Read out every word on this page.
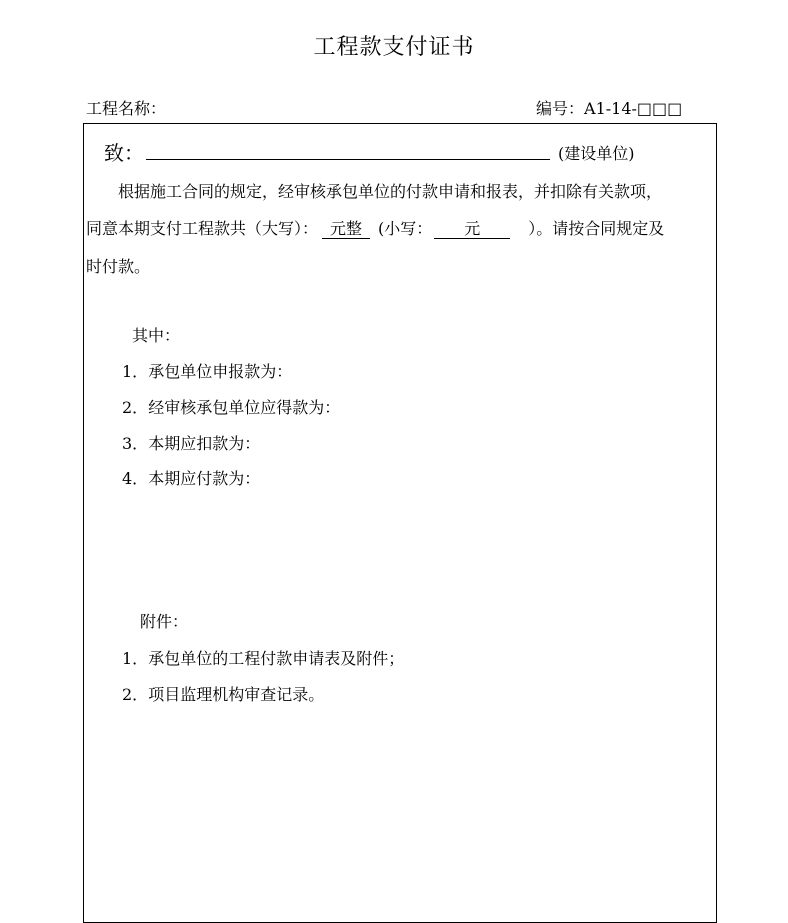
工程款支付证书
工程名称：	编号：A1-14-□□□
致：	(建设单位)
根据施工合同的规定，经审核承包单位的付款申请和报表，并扣除有关款项，
同意本期支付工程款共（大写）： 元整 (小写： 元	）。请按合同规定及
时付款。
其中：
1．承包单位申报款为：
2．经审核承包单位应得款为：
3．本期应扣款为：
4．本期应付款为：
附件：
1．承包单位的工程付款申请表及附件；
2．项目监理机构审查记录。
